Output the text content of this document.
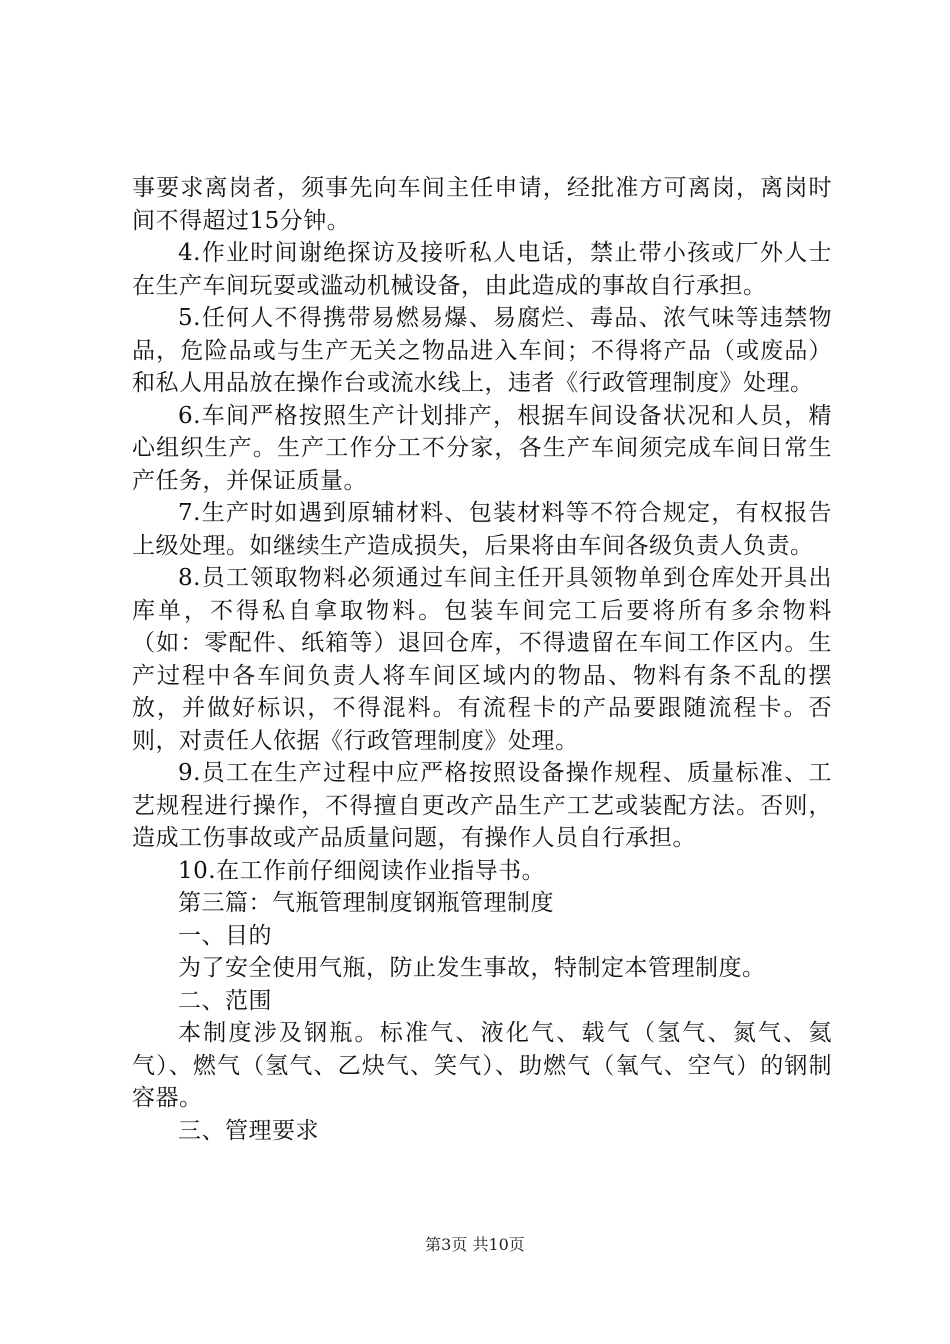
事要求离岗者，须事先向车间主任申请，经批准方可离岗，离岗时间不得超过15分钟。

4.作业时间谢绝探访及接听私人电话，禁止带小孩或厂外人士在生产车间玩耍或滥动机械设备，由此造成的事故自行承担。

5.任何人不得携带易燃易爆、易腐烂、毒品、浓气味等违禁物品，危险品或与生产无关之物品进入车间；不得将产品（或废品）和私人用品放在操作台或流水线上，违者《行政管理制度》处理。

6.车间严格按照生产计划排产，根据车间设备状况和人员，精心组织生产。生产工作分工不分家，各生产车间须完成车间日常生产任务，并保证质量。

7.生产时如遇到原辅材料、包装材料等不符合规定，有权报告上级处理。如继续生产造成损失，后果将由车间各级负责人负责。

8.员工领取物料必须通过车间主任开具领物单到仓库处开具出库单，不得私自拿取物料。包装车间完工后要将所有多余物料（如：零配件、纸箱等）退回仓库，不得遗留在车间工作区内。生产过程中各车间负责人将车间区域内的物品、物料有条不乱的摆放，并做好标识，不得混料。有流程卡的产品要跟随流程卡。否则，对责任人依据《行政管理制度》处理。

9.员工在生产过程中应严格按照设备操作规程、质量标准、工艺规程进行操作，不得擅自更改产品生产工艺或装配方法。否则，造成工伤事故或产品质量问题，有操作人员自行承担。

10.在工作前仔细阅读作业指导书。

第三篇：气瓶管理制度钢瓶管理制度

一、目的

为了安全使用气瓶，防止发生事故，特制定本管理制度。

二、范围

本制度涉及钢瓶。标准气、液化气、载气（氢气、氮气、氦气）、燃气（氢气、乙炔气、笑气）、助燃气（氧气、空气）的钢制容器。

三、管理要求

第3页 共10页
